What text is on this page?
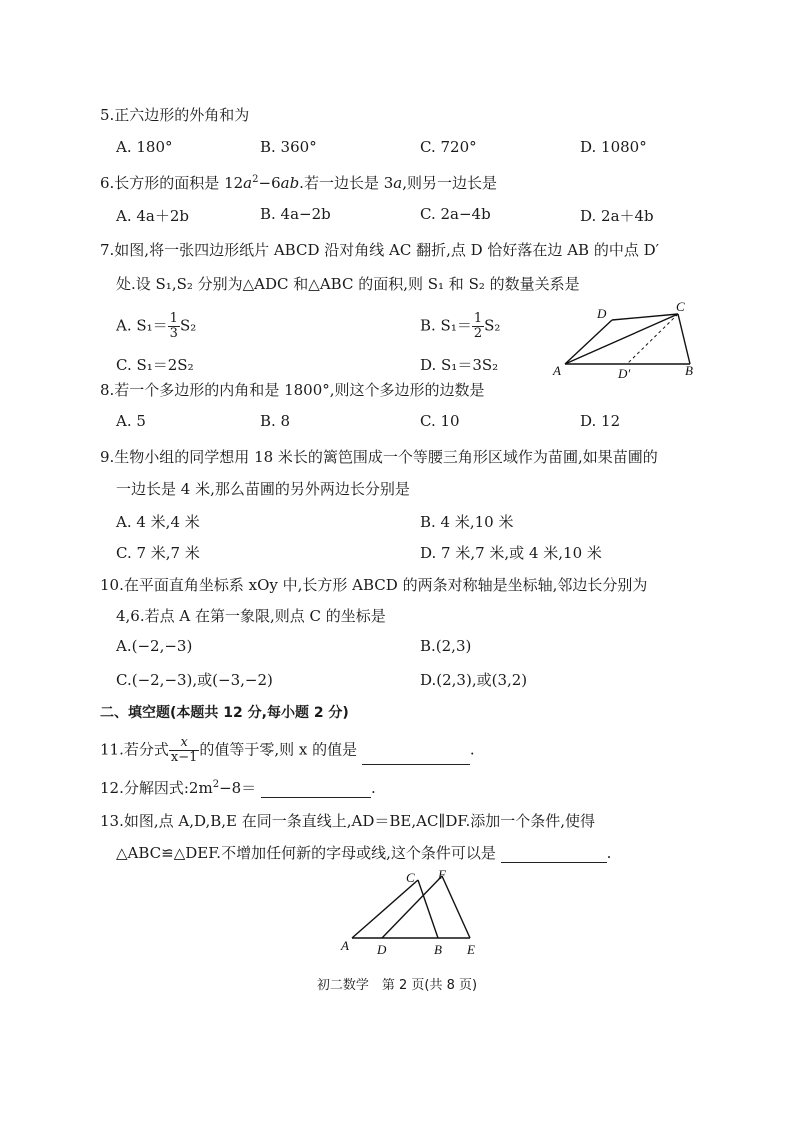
5.正六边形的外角和为
A. 180°	B. 360°	C. 720°	D. 1080°
6.长方形的面积是 $12a^2-6ab$.若一边长是 3a,则另一边长是
A. 4a＋2b	B. 4a−2b	C. 2a−4b	D. 2a＋4b
7.如图,将一张四边形纸片 ABCD 沿对角线 AC 翻折,点 D 恰好落在边 AB 的中点 D′
处.设 S₁,S₂ 分别为△ADC 和△ABC 的面积,则 S₁ 和 S₂ 的数量关系是
A. $S_1= \frac{1}{3} S_2$	B. $S_1= \frac{1}{2} S_2$
C. S₁＝2S₂	D. S₁＝3S₂	A	B
C
D
D′
8.若一个多边形的内角和是 1800°,则这个多边形的边数是
A. 5	B. 8	C. 10	D. 12
9.生物小组的同学想用 18 米长的篱笆围成一个等腰三角形区域作为苗圃,如果苗圃的
一边长是 4 米,那么苗圃的另外两边长分别是
A. 4 米,4 米	B. 4 米,10 米
C. 7 米,7 米	D. 7 米,7 米,或 4 米,10 米
10.在平面直角坐标系 xOy 中,长方形 ABCD 的两条对称轴是坐标轴,邻边长分别为
4,6.若点 A 在第一象限,则点 C 的坐标是
A.(−2,−3)	B.(2,3)
C.(−2,−3),或(−3,−2)	D.(2,3),或(3,2)
二、填空题(本题共 12 分,每小题 2 分)
11.若分式 $\frac{x}{x-1}$ 的值等于零,则 x 的值是	.
12.分解因式$:2m^2-8=$	.
13.如图,点 A,D,B,E 在同一条直线上,AD＝BE,AC∥DF.添加一个条件,使得
△ABC≌△DEF.不增加任何新的字母或线,这个条件可以是	.
A D	B E
C F
初二数学　第 2 页(共 8 页)
